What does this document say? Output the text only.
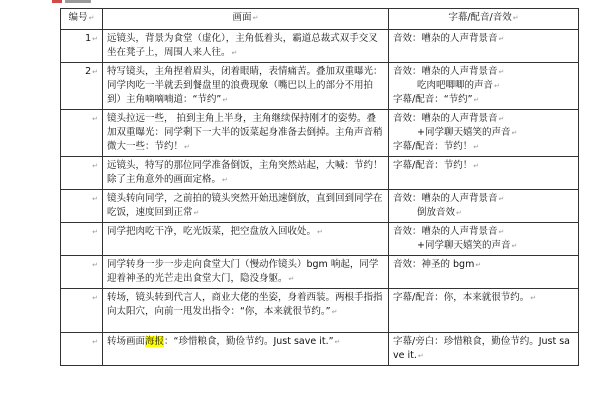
编号↵	画面↵	字幕/配音/音效↵
1↵	远镜头，背景为食堂（虚化），主角低着头，霸道总裁式双手交叉坐在凳子上，周围人来人往。↵	音效：嘈杂的人声背景音↵

2↵	特写镜头，主角捏着眉头，闭着眼睛，表情痛苦。叠加双重曝光：同学肉吃一半就丢到餐盘里的浪费现象（嘴巴以上的部分不用拍到）主角嘀嘀喃道：“节约”↵	音效：嘈杂的人声背景音↵
吃肉吧唧唧的声音↵
字幕/配音：“节约”↵

↵	镜头拉远一些， 拍到主角上半身，主角继续保持刚才的姿势。叠加双重曝光：同学剩下一大半的饭菜起身准备去倒掉。主角声音稍微大一些：节约！↵	音效：嘈杂的人声背景音↵
+同学聊天嬉笑的声音↵
字幕/配音：节约！↵

↵	远镜头，特写的那位同学准备倒饭，主角突然站起，大喊：节约！除了主角意外的画面定格。↵	字幕/配音：节约！↵

↵	镜头转向同学，之前拍的镜头突然开始迅速倒放，直到回到同学在吃饭，速度回到正常↵	音效：嘈杂的人声背景音↵
倒放音效↵

↵	同学把肉吃干净，吃光饭菜，把空盘放入回收处。↵	音效：嘈杂的人声背景音↵
+同学聊天嬉笑的声音↵

↵	同学转身一步一步走向食堂大门（慢动作镜头）bgm 响起，同学迎着神圣的光芒走出食堂大门，隐没身躯。↵	音效：神圣的 bgm↵

↵	转场，镜头转到代言人，商业大佬的坐姿，身着西装。两根手指指向太阳穴，向前一甩发出指令：“你，本来就很节约。”↵	字幕/配音：你，本来就很节约。↵

↵	转场画面海报：“珍惜粮食，勤俭节约。Just save it.”↵	字幕/旁白：珍惜粮食，勤俭节约。Just save it.↵
